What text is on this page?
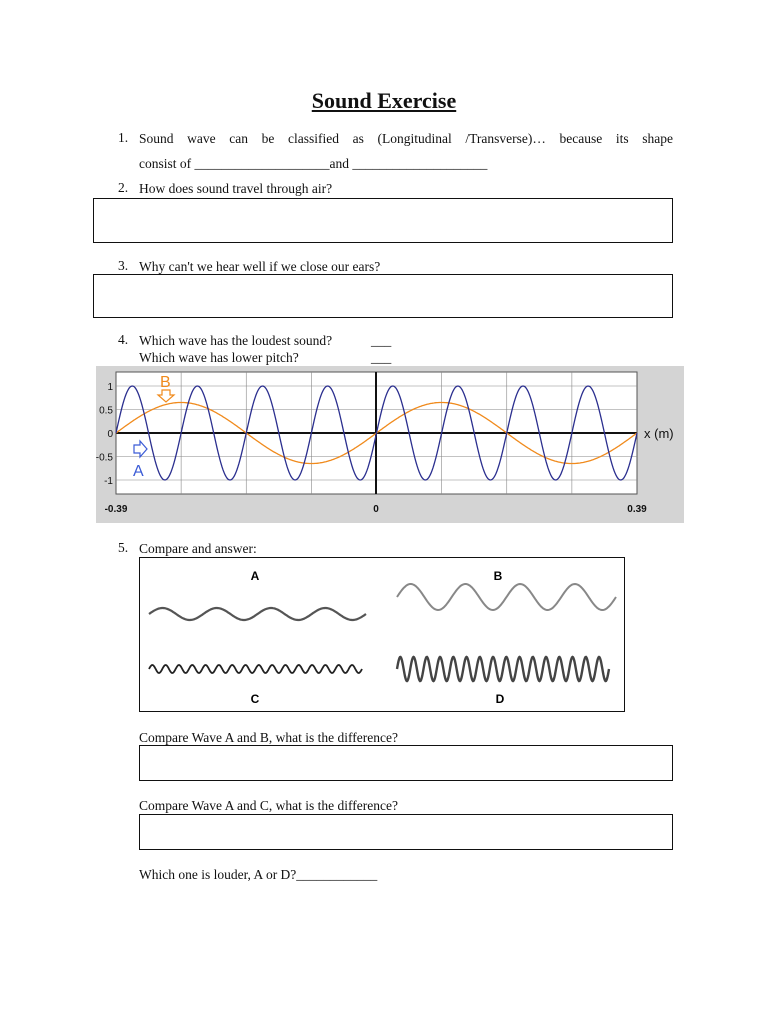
Sound Exercise
1. Sound wave can be classified as (Longitudinal /Transverse)… because its shape
consist of ____________________and ____________________
2. How does sound travel through air?
3. Why can't we hear well if we close our ears?
4. Which wave has the loudest sound?	___
Which wave has lower pitch?	___
1
0.5
0
-0.5
-1
-0.39	0	0.39
x (m)
B
A
5. Compare and answer:
A	B
C	D
Compare Wave A and B, what is the difference?
Compare Wave A and C, what is the difference?
Which one is louder, A or D?____________
